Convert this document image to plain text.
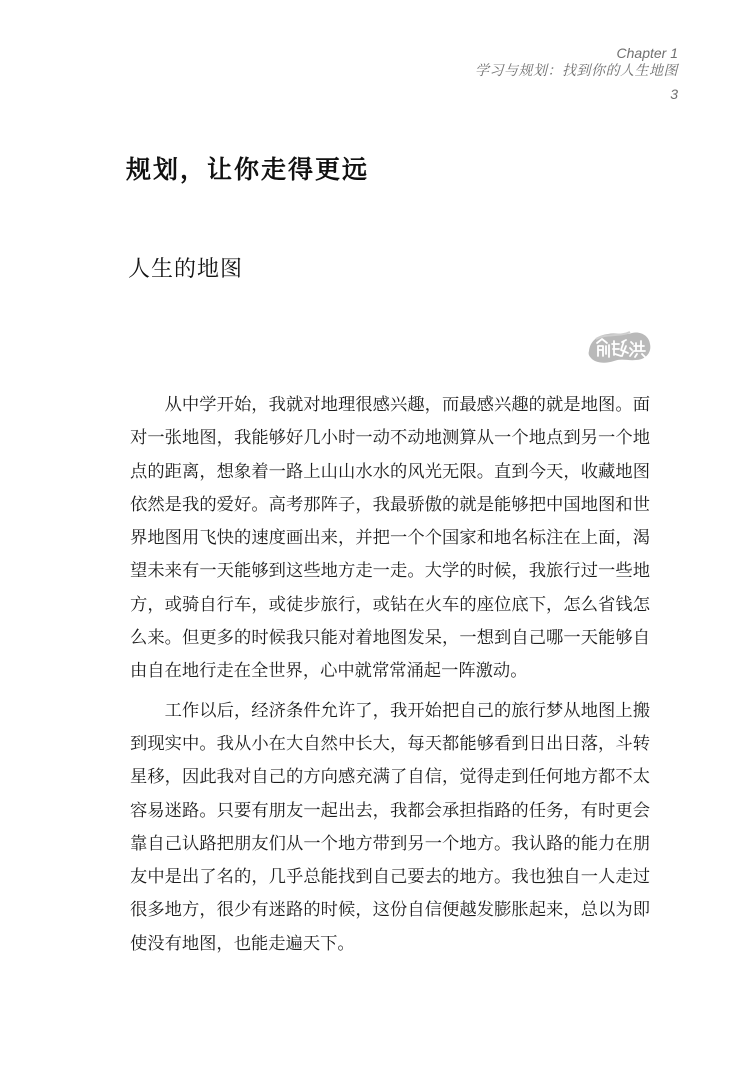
Chapter 1
学习与规划：找到你的人生地图
3
规划，让你走得更远
人生的地图

从中学开始，我就对地理很感兴趣，而最感兴趣的就是地图。面对一张地图，我能够好几小时一动不动地测算从一个地点到另一个地点的距离，想象着一路上山山水水的风光无限。直到今天，收藏地图依然是我的爱好。高考那阵子，我最骄傲的就是能够把中国地图和世界地图用飞快的速度画出来，并把一个个国家和地名标注在上面，渴望未来有一天能够到这些地方走一走。大学的时候，我旅行过一些地方，或骑自行车，或徒步旅行，或钻在火车的座位底下，怎么省钱怎么来。但更多的时候我只能对着地图发呆，一想到自己哪一天能够自由自在地行走在全世界，心中就常常涌起一阵激动。

工作以后，经济条件允许了，我开始把自己的旅行梦从地图上搬到现实中。我从小在大自然中长大，每天都能够看到日出日落，斗转星移，因此我对自己的方向感充满了自信，觉得走到任何地方都不太容易迷路。只要有朋友一起出去，我都会承担指路的任务，有时更会靠自己认路把朋友们从一个地方带到另一个地方。我认路的能力在朋友中是出了名的，几乎总能找到自己要去的地方。我也独自一人走过很多地方，很少有迷路的时候，这份自信便越发膨胀起来，总以为即使没有地图，也能走遍天下。
